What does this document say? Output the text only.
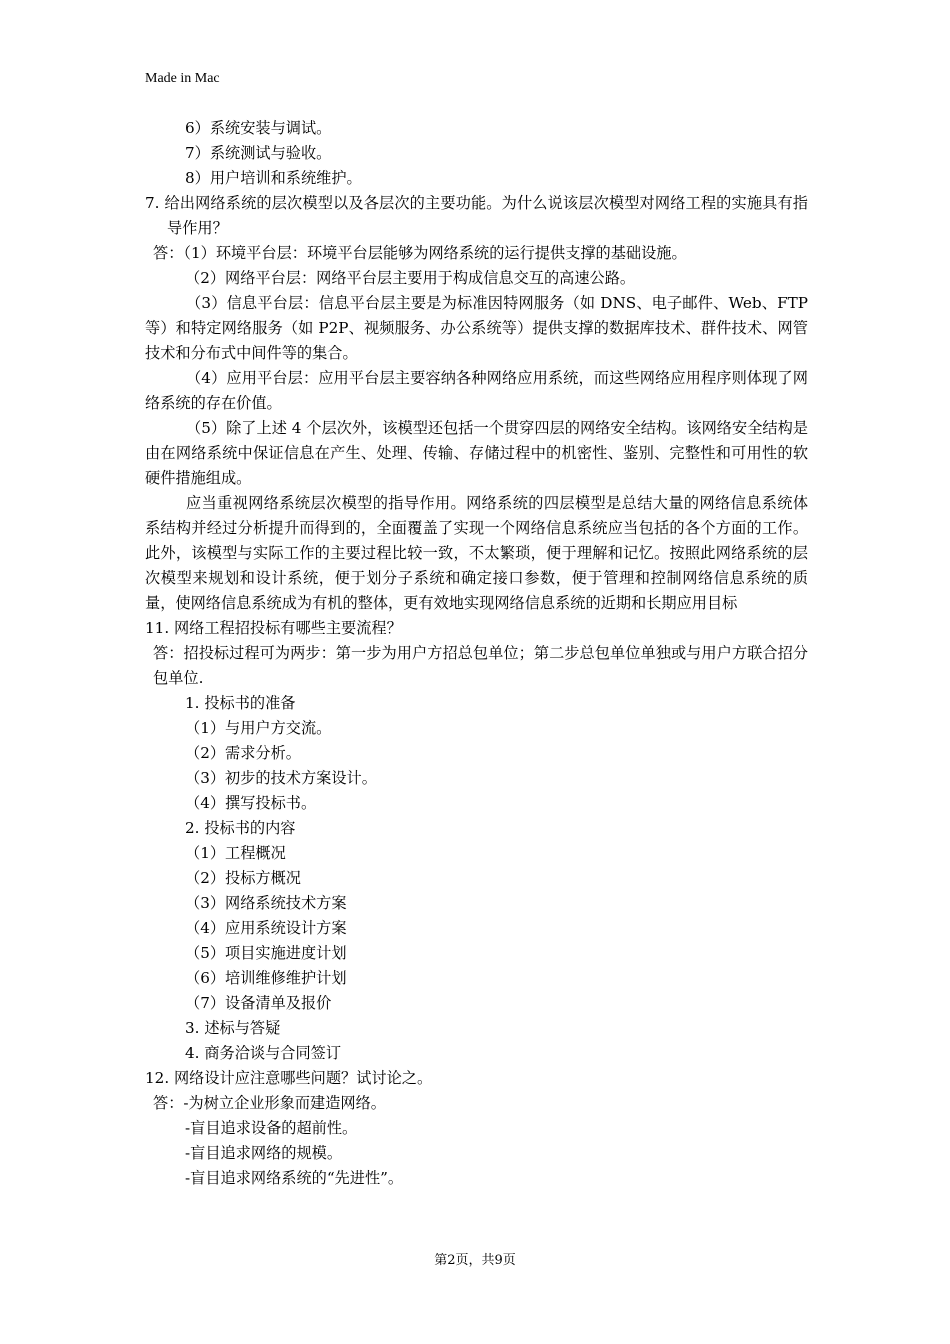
Made in Mac

6）系统安装与调试。

7）系统测试与验收。

8）用户培训和系统维护。

7. 给出网络系统的层次模型以及各层次的主要功能。为什么说该层次模型对网络工程的实施具有指导作用？

答：（1）环境平台层：环境平台层能够为网络系统的运行提供支撑的基础设施。

（2）网络平台层：网络平台层主要用于构成信息交互的高速公路。

（3）信息平台层：信息平台层主要是为标准因特网服务（如 DNS、电子邮件、Web、FTP 等）和特定网络服务（如 P2P、视频服务、办公系统等）提供支撑的数据库技术、群件技术、网管技术和分布式中间件等的集合。

（4）应用平台层：应用平台层主要容纳各种网络应用系统，而这些网络应用程序则体现了网络系统的存在价值。

（5）除了上述 4 个层次外，该模型还包括一个贯穿四层的网络安全结构。该网络安全结构是由在网络系统中保证信息在产生、处理、传输、存储过程中的机密性、鉴别、完整性和可用性的软硬件措施组成。

应当重视网络系统层次模型的指导作用。网络系统的四层模型是总结大量的网络信息系统体系结构并经过分析提升而得到的，全面覆盖了实现一个网络信息系统应当包括的各个方面的工作。此外，该模型与实际工作的主要过程比较一致，不太繁琐，便于理解和记忆。按照此网络系统的层次模型来规划和设计系统，便于划分子系统和确定接口参数，便于管理和控制网络信息系统的质量，使网络信息系统成为有机的整体，更有效地实现网络信息系统的近期和长期应用目标

11. 网络工程招投标有哪些主要流程？

答：招投标过程可为两步：第一步为用户方招总包单位；第二步总包单位单独或与用户方联合招分包单位.

1. 投标书的准备

（1）与用户方交流。

（2）需求分析。

（3）初步的技术方案设计。

（4）撰写投标书。

2. 投标书的内容

（1）工程概况

（2）投标方概况

（3）网络系统技术方案

（4）应用系统设计方案

（5）项目实施进度计划

（6）培训维修维护计划

（7）设备清单及报价

3. 述标与答疑

4. 商务洽谈与合同签订

12. 网络设计应注意哪些问题？试讨论之。

答：-为树立企业形象而建造网络。

-盲目追求设备的超前性。

-盲目追求网络的规模。

-盲目追求网络系统的“先进性”。

第2页，共9页
